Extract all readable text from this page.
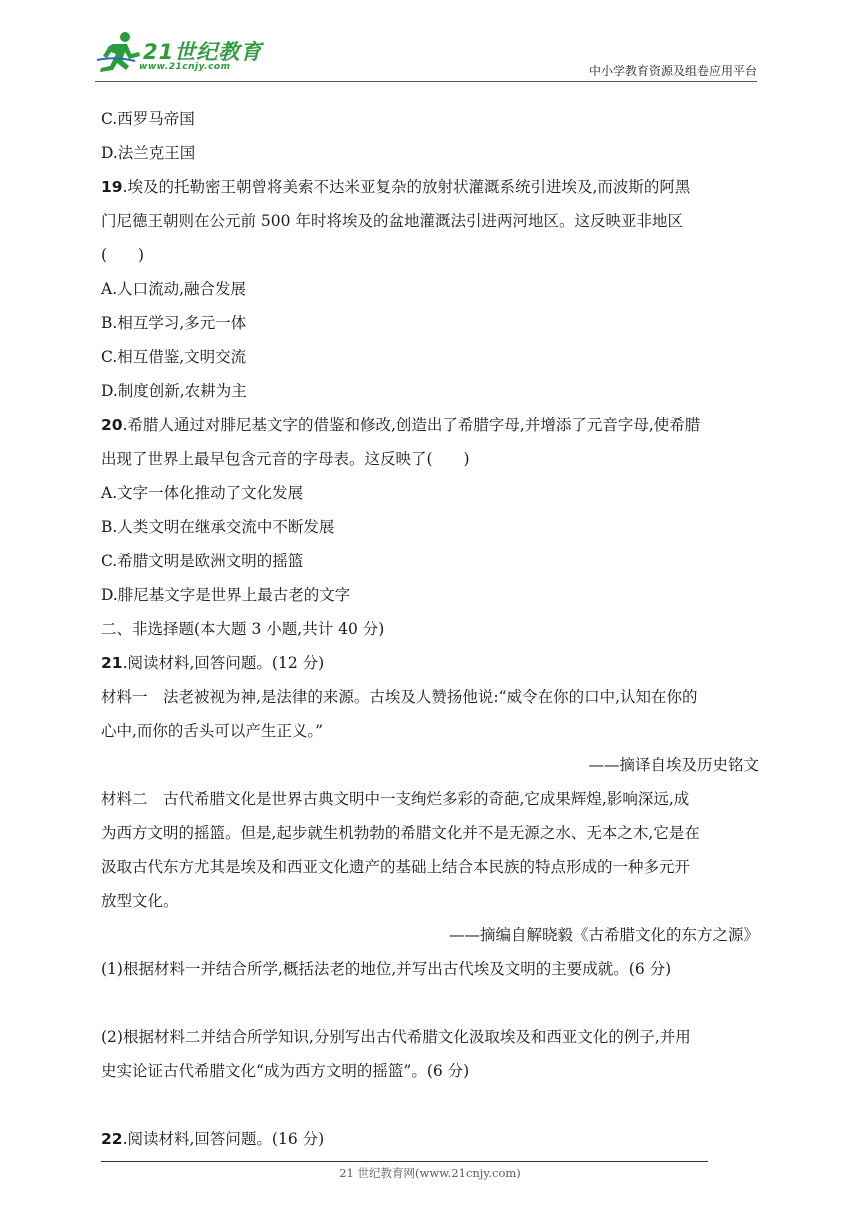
21世纪教育
www.21cnjy.com	中小学教育资源及组卷应用平台
C.西罗马帝国
D.法兰克王国
19.埃及的托勒密王朝曾将美索不达米亚复杂的放射状灌溉系统引进埃及,而波斯的阿黑
门尼德王朝则在公元前 500 年时将埃及的盆地灌溉法引进两河地区。这反映亚非地区
(　　)
A.人口流动,融合发展
B.相互学习,多元一体
C.相互借鉴,文明交流
D.制度创新,农耕为主
20.希腊人通过对腓尼基文字的借鉴和修改,创造出了希腊字母,并增添了元音字母,使希腊
出现了世界上最早包含元音的字母表。这反映了(　　)
A.文字一体化推动了文化发展
B.人类文明在继承交流中不断发展
C.希腊文明是欧洲文明的摇篮
D.腓尼基文字是世界上最古老的文字
二、非选择题(本大题 3 小题,共计 40 分)
21.阅读材料,回答问题。(12 分)
材料一　法老被视为神,是法律的来源。古埃及人赞扬他说:“威令在你的口中,认知在你的
心中,而你的舌头可以产生正义。”
——摘译自埃及历史铭文
材料二　古代希腊文化是世界古典文明中一支绚烂多彩的奇葩,它成果辉煌,影响深远,成
为西方文明的摇篮。但是,起步就生机勃勃的希腊文化并不是无源之水、无本之木,它是在
汲取古代东方尤其是埃及和西亚文化遗产的基础上结合本民族的特点形成的一种多元开
放型文化。
——摘编自解晓毅《古希腊文化的东方之源》
(1)根据材料一并结合所学,概括法老的地位,并写出古代埃及文明的主要成就。(6 分)
(2)根据材料二并结合所学知识,分别写出古代希腊文化汲取埃及和西亚文化的例子,并用
史实论证古代希腊文化“成为西方文明的摇篮”。(6 分)
22.阅读材料,回答问题。(16 分)
21 世纪教育网(www.21cnjy.com)
